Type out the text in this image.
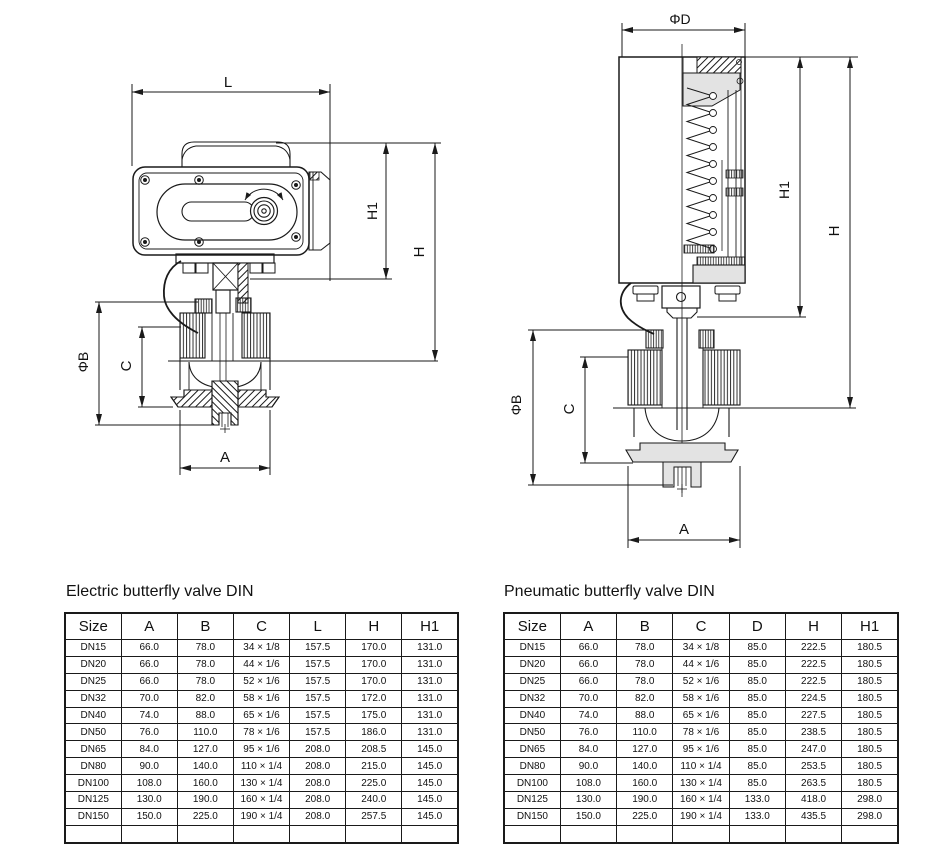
L
H1
H
ΦB C
A
ΦD
H1
H
ΦB C
A
Electric butterfly valve DIN
Size	A	B	C	L	H	H1
DN15	66.0	78.0	34 × 1/8	157.5	170.0	131.0
DN20	66.0	78.0	44 × 1/6	157.5	170.0	131.0
DN25	66.0	78.0	52 × 1/6	157.5	170.0	131.0
DN32	70.0	82.0	58 × 1/6	157.5	172.0	131.0
DN40	74.0	88.0	65 × 1/6	157.5	175.0	131.0
DN50	76.0	110.0	78 × 1/6	157.5	186.0	131.0
DN65	84.0	127.0	95 × 1/6	208.0	208.5	145.0
DN80	90.0	140.0	110 × 1/4	208.0	215.0	145.0
DN100	108.0	160.0	130 × 1/4	208.0	225.0	145.0
DN125	130.0	190.0	160 × 1/4	208.0	240.0	145.0
DN150	150.0	225.0	190 × 1/4	208.0	257.5	145.0

Pneumatic butterfly valve DIN
Size	A	B	C	D	H	H1
DN15	66.0	78.0	34 × 1/8	85.0	222.5	180.5
DN20	66.0	78.0	44 × 1/6	85.0	222.5	180.5
DN25	66.0	78.0	52 × 1/6	85.0	222.5	180.5
DN32	70.0	82.0	58 × 1/6	85.0	224.5	180.5
DN40	74.0	88.0	65 × 1/6	85.0	227.5	180.5
DN50	76.0	110.0	78 × 1/6	85.0	238.5	180.5
DN65	84.0	127.0	95 × 1/6	85.0	247.0	180.5
DN80	90.0	140.0	110 × 1/4	85.0	253.5	180.5
DN100	108.0	160.0	130 × 1/4	85.0	263.5	180.5
DN125	130.0	190.0	160 × 1/4	133.0	418.0	298.0
DN150	150.0	225.0	190 × 1/4	133.0	435.5	298.0
